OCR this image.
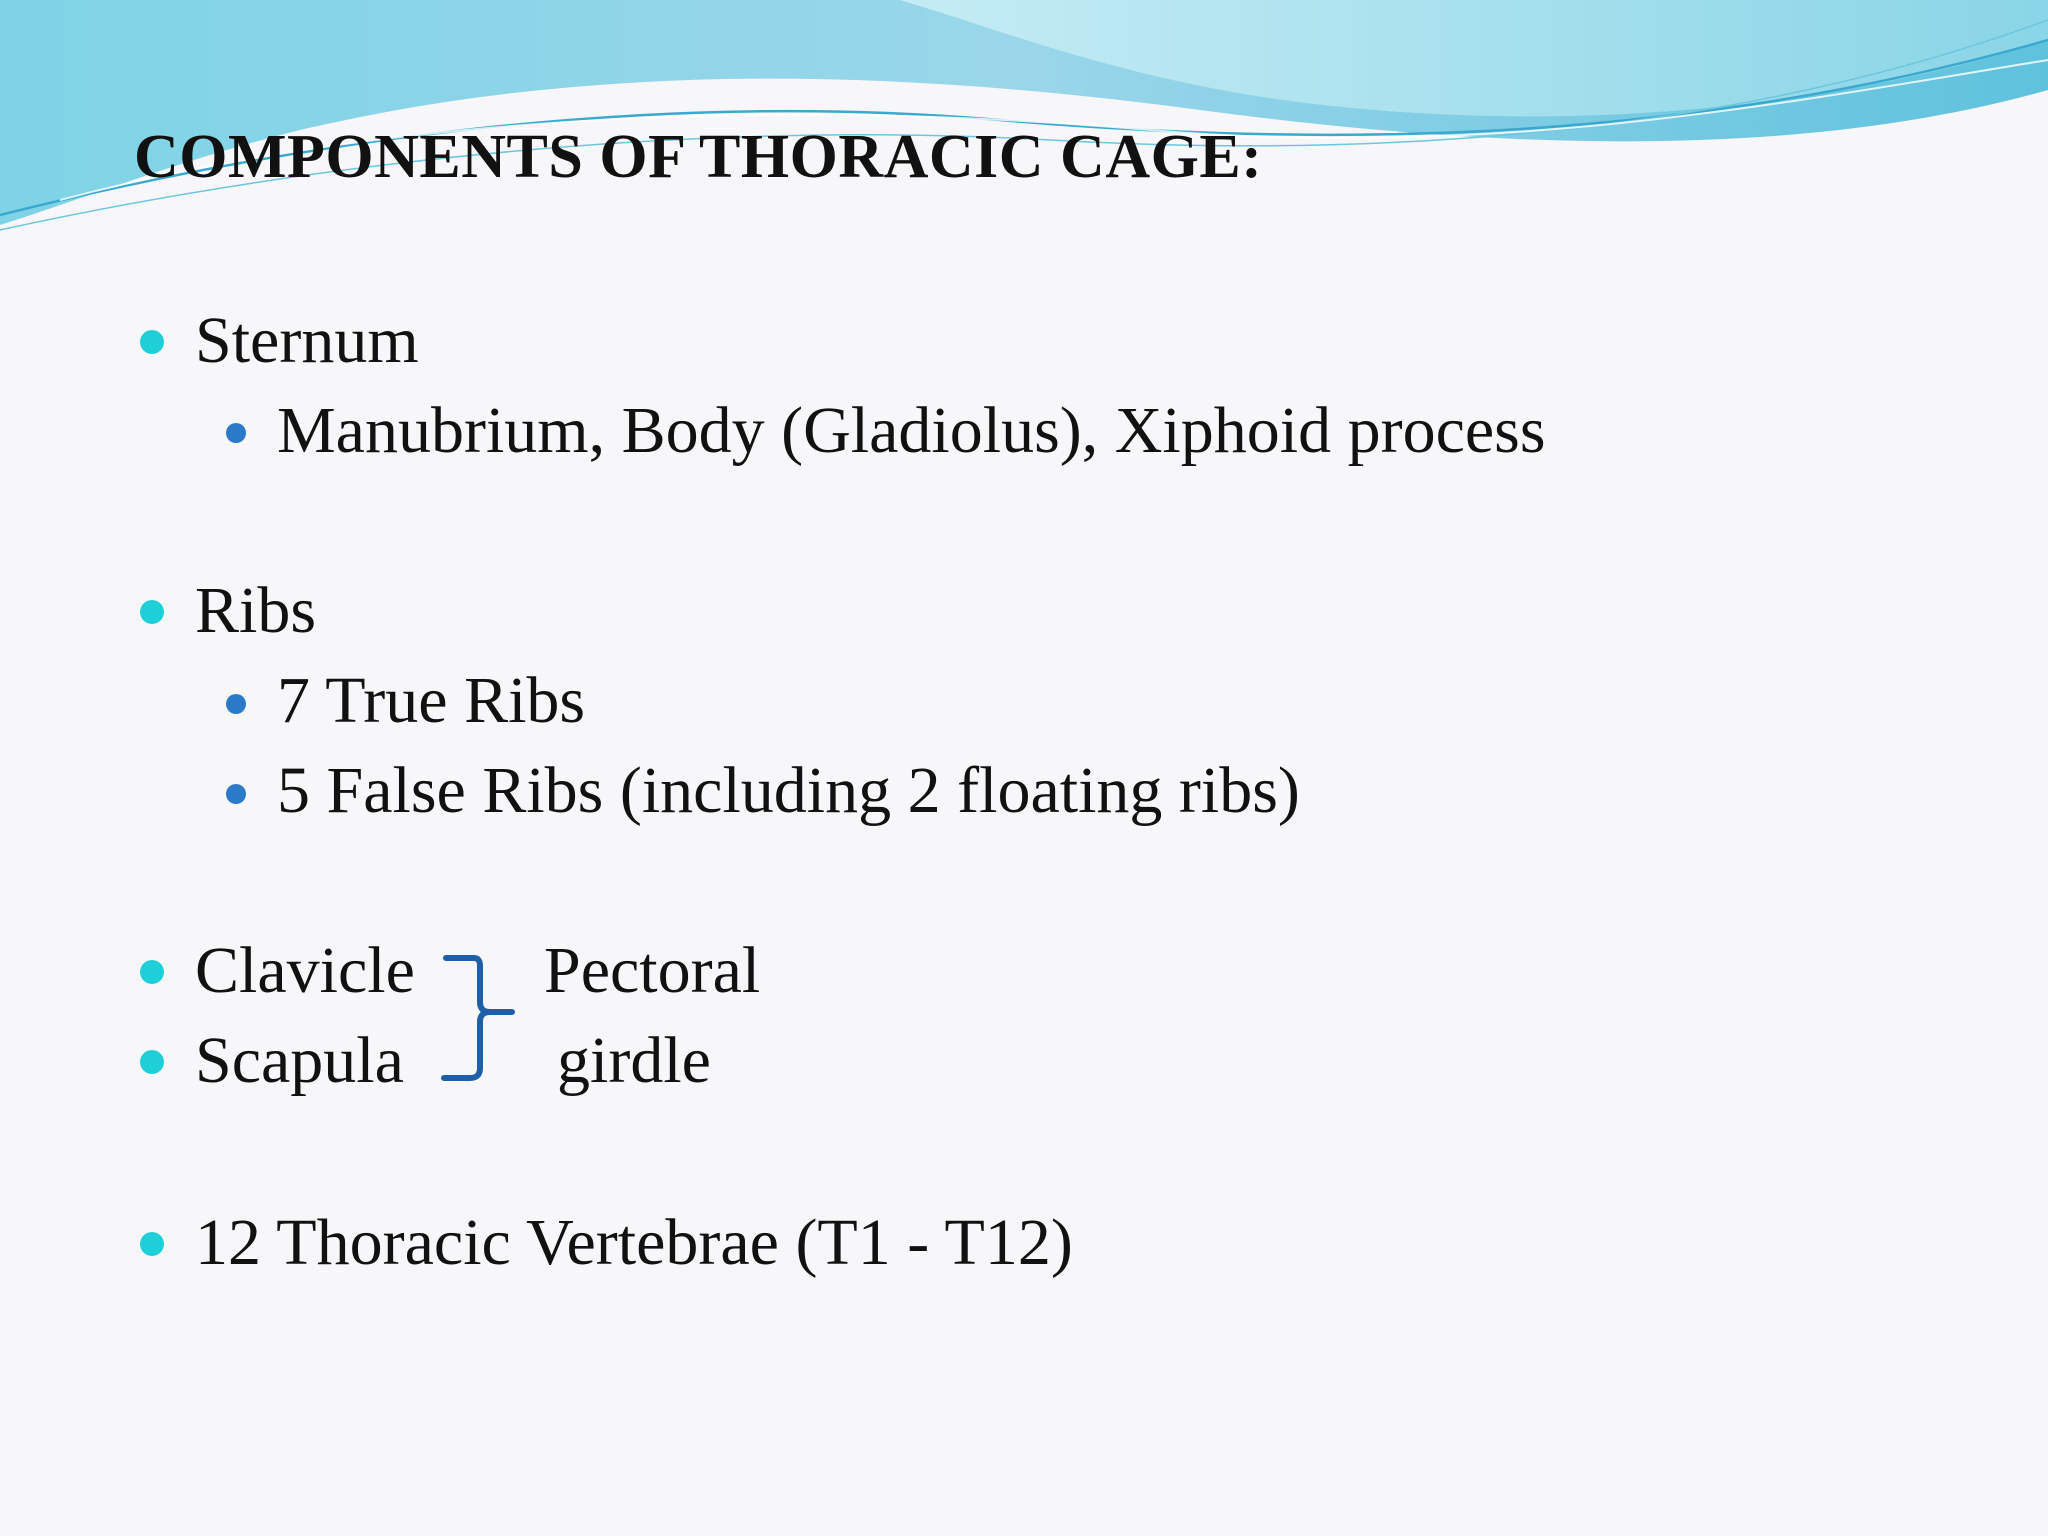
COMPONENTS OF THORACIC CAGE:
Sternum
Manubrium, Body (Gladiolus), Xiphoid process
Ribs
7 True Ribs
5 False Ribs (including 2 floating ribs)
Clavicle
Scapula
Pectoral
girdle
12 Thoracic Vertebrae (T1 - T12)
